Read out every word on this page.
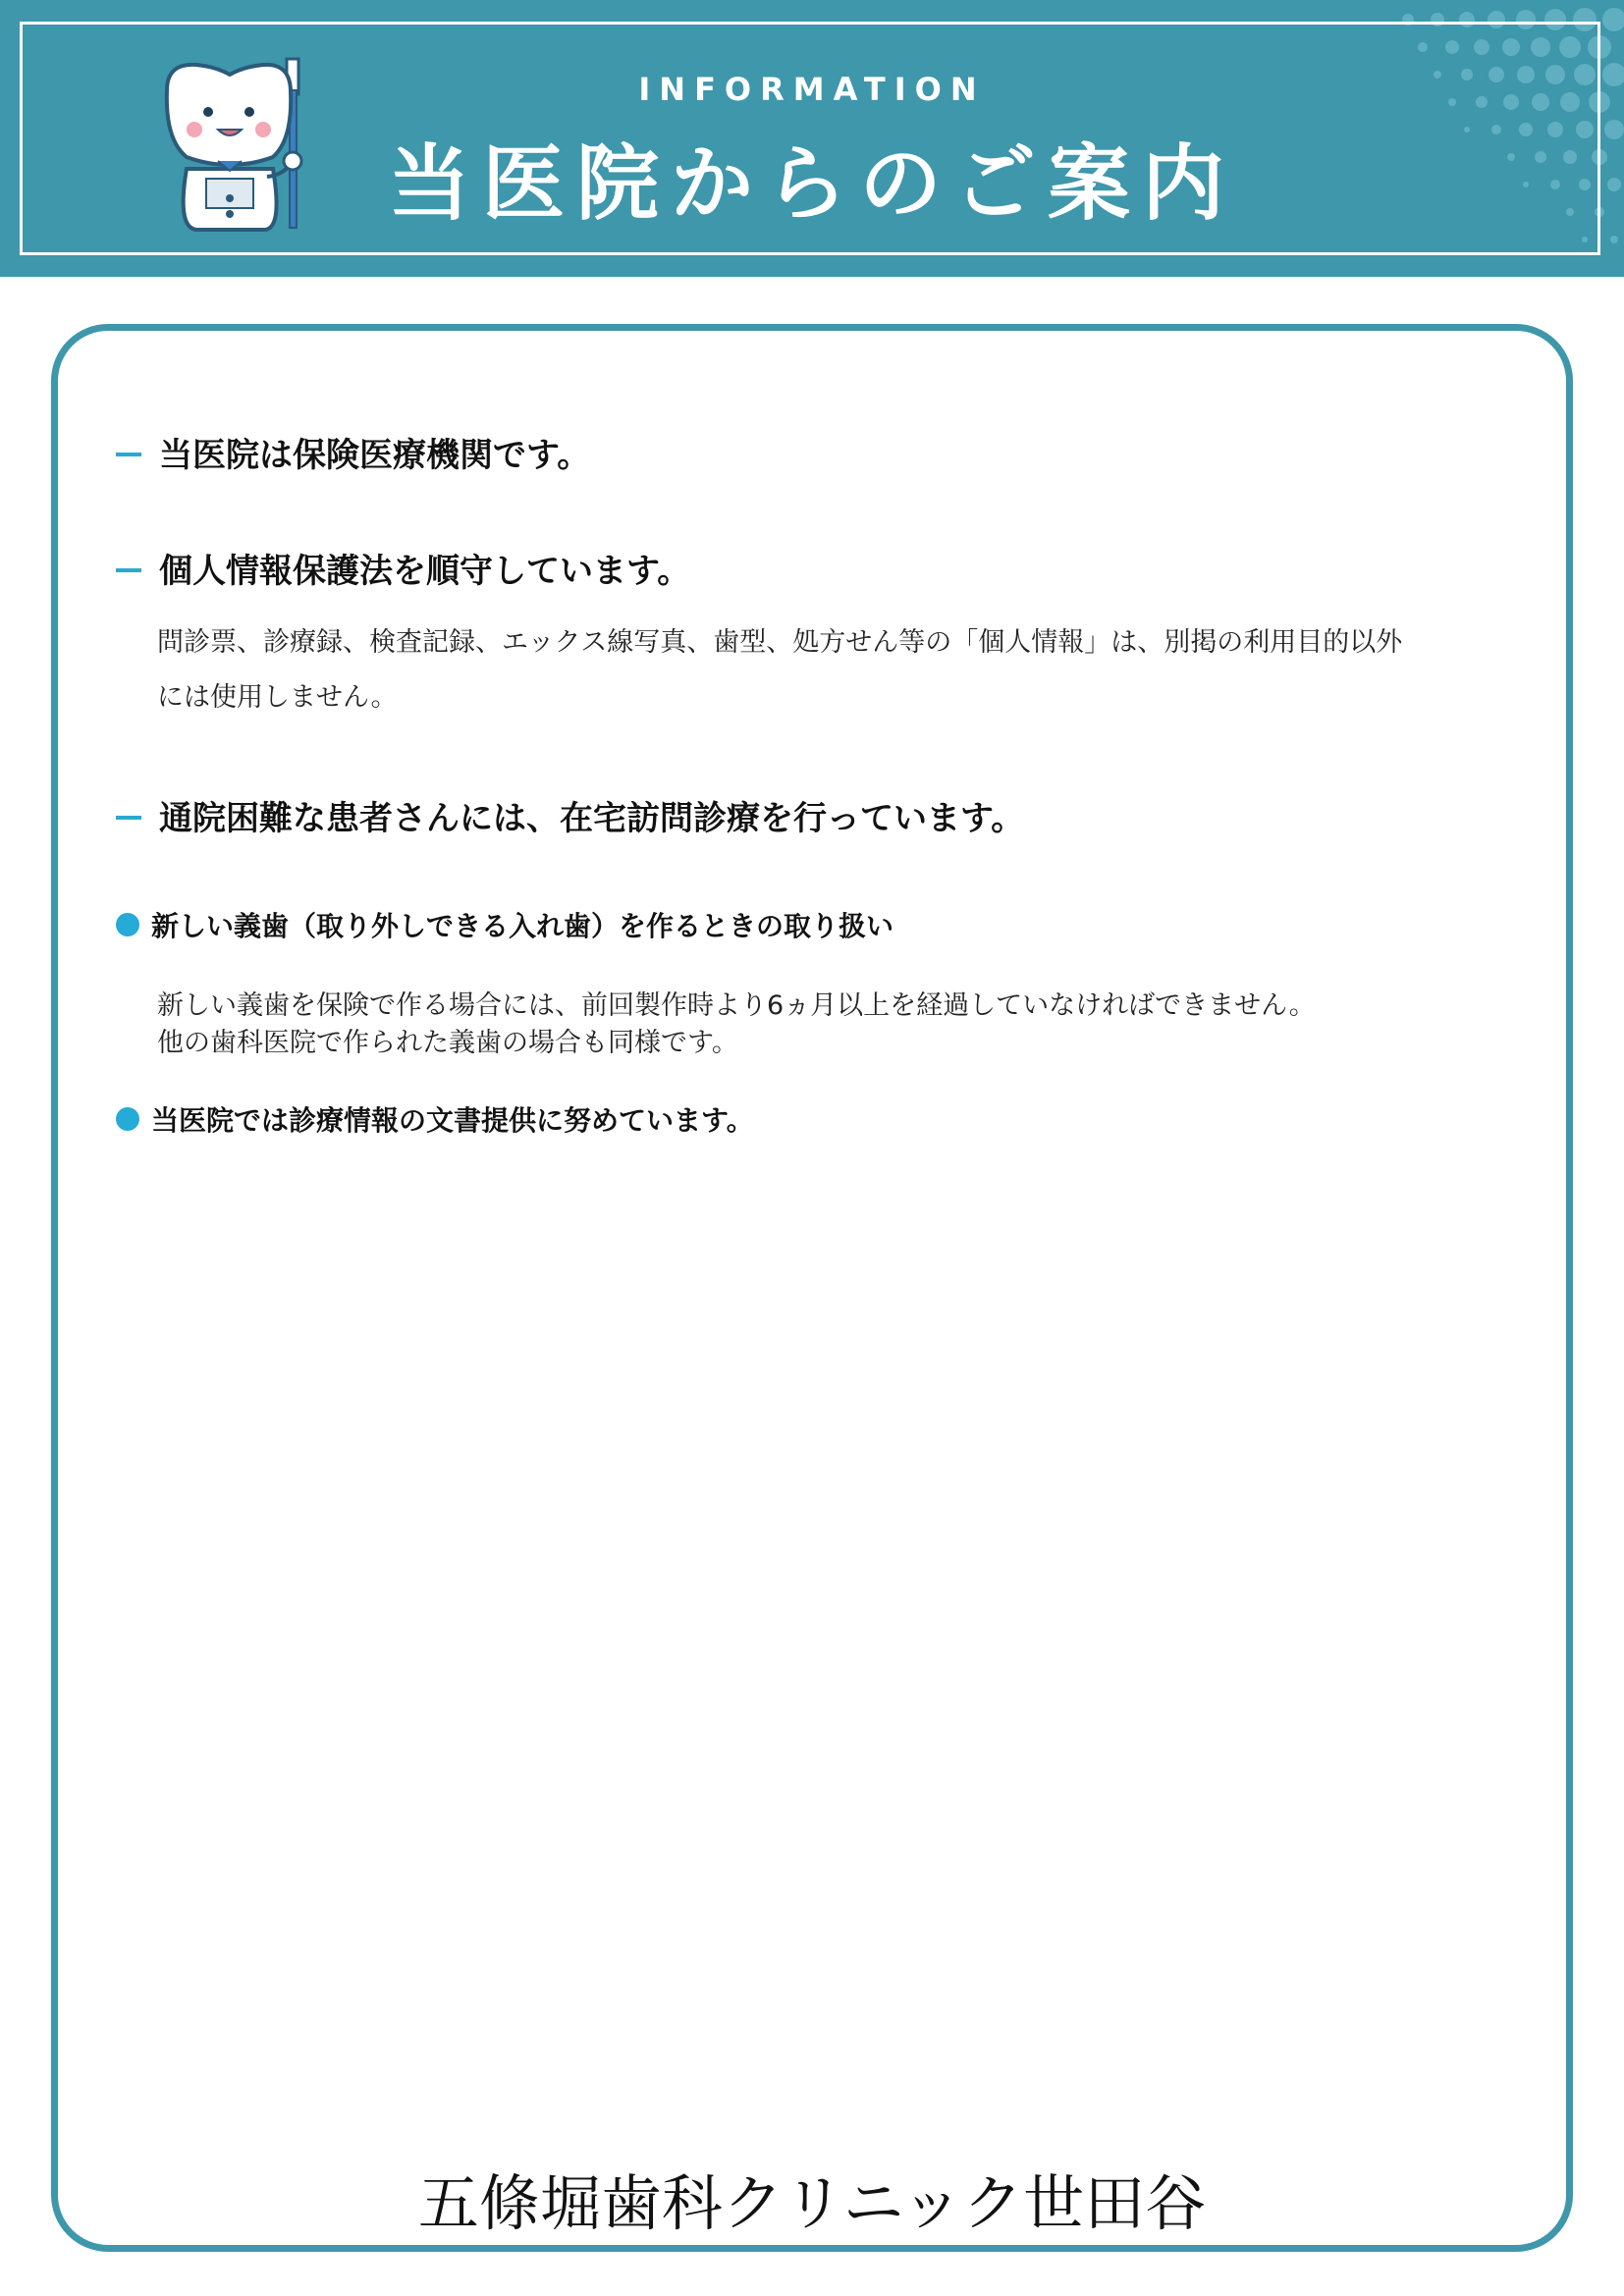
INFORMATION
当医院からのご案内
当医院は保険医療機関です。
個人情報保護法を順守しています。
問診票、診療録、検査記録、エックス線写真、歯型、処方せん等の「個人情報」は、別掲の利用目的以外
には使用しません。
通院困難な患者さんには、在宅訪問診療を行っています。
新しい義歯（取り外しできる入れ歯）を作るときの取り扱い
新しい義歯を保険で作る場合には、前回製作時より6ヵ月以上を経過していなければできません。
他の歯科医院で作られた義歯の場合も同様です。
当医院では診療情報の文書提供に努めています。
五條堀歯科クリニック世田谷
